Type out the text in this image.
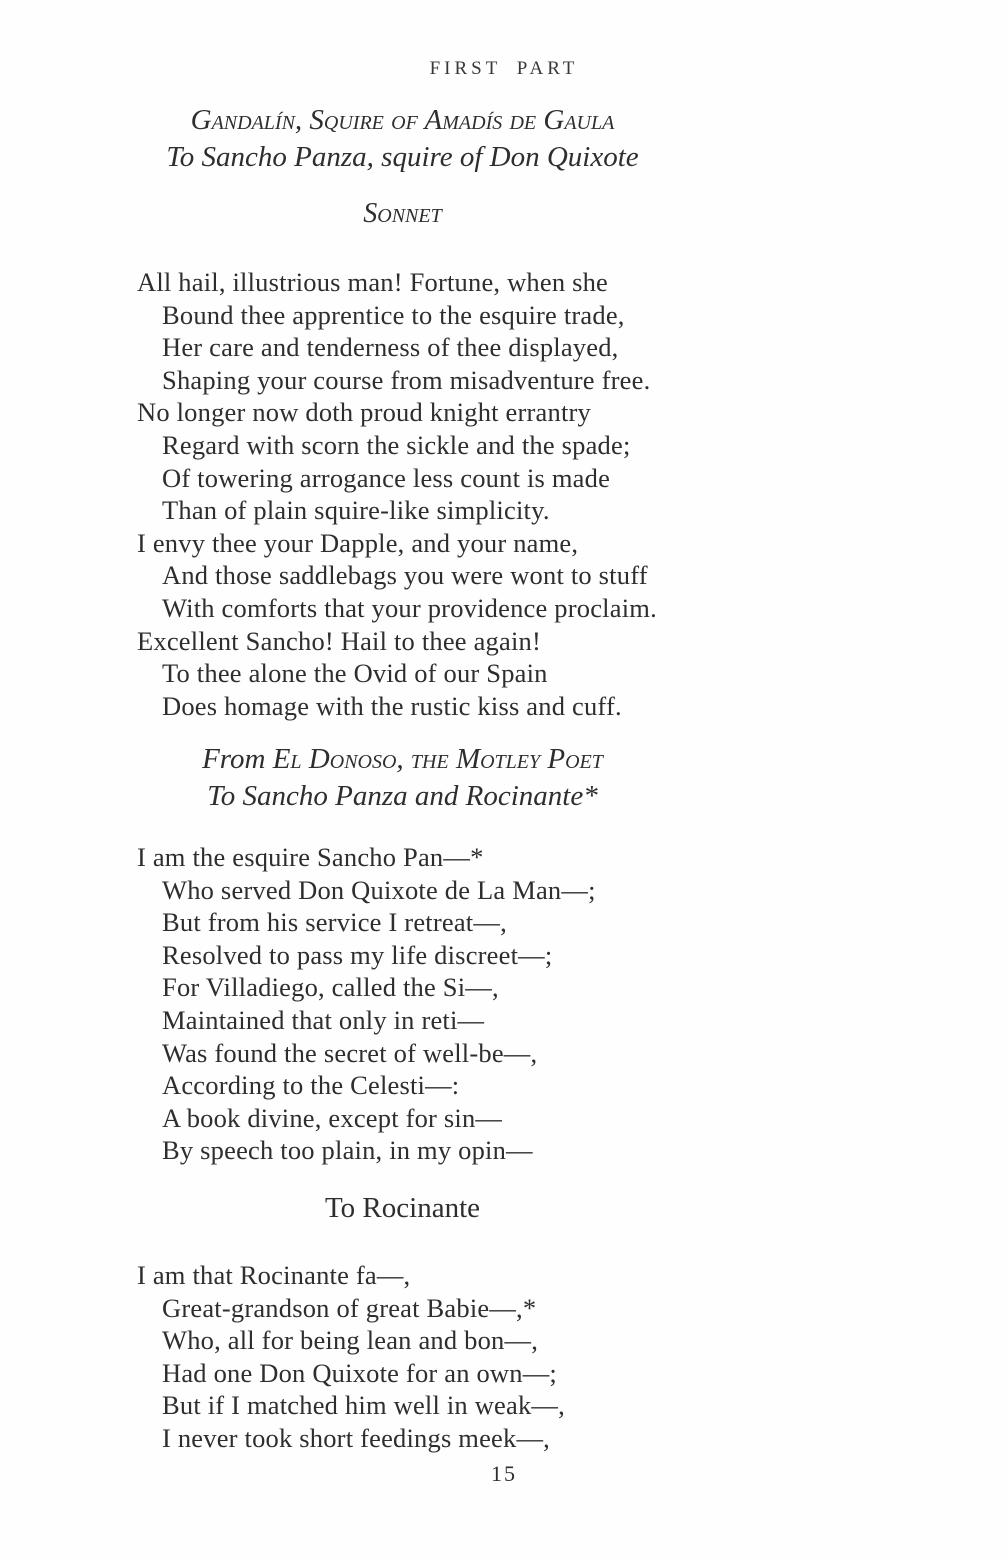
FIRST PART
Gandalín, Squire of Amadís de Gaula
To Sancho Panza, squire of Don Quixote
Sonnet
All hail, illustrious man! Fortune, when she
Bound thee apprentice to the esquire trade,
Her care and tenderness of thee displayed,
Shaping your course from misadventure free.
No longer now doth proud knight errantry
Regard with scorn the sickle and the spade;
Of towering arrogance less count is made
Than of plain squire-like simplicity.
I envy thee your Dapple, and your name,
And those saddlebags you were wont to stuff
With comforts that your providence proclaim.
Excellent Sancho! Hail to thee again!
To thee alone the Ovid of our Spain
Does homage with the rustic kiss and cuff.
From El Donoso, the Motley Poet
To Sancho Panza and Rocinante*
I am the esquire Sancho Pan—*
Who served Don Quixote de La Man—;
But from his service I retreat—,
Resolved to pass my life discreet—;
For Villadiego, called the Si—,
Maintained that only in reti—
Was found the secret of well-be—,
According to the Celesti—:
A book divine, except for sin—
By speech too plain, in my opin—
To Rocinante
I am that Rocinante fa—,
Great-grandson of great Babie—,*
Who, all for being lean and bon—,
Had one Don Quixote for an own—;
But if I matched him well in weak—,
I never took short feedings meek—,
15
